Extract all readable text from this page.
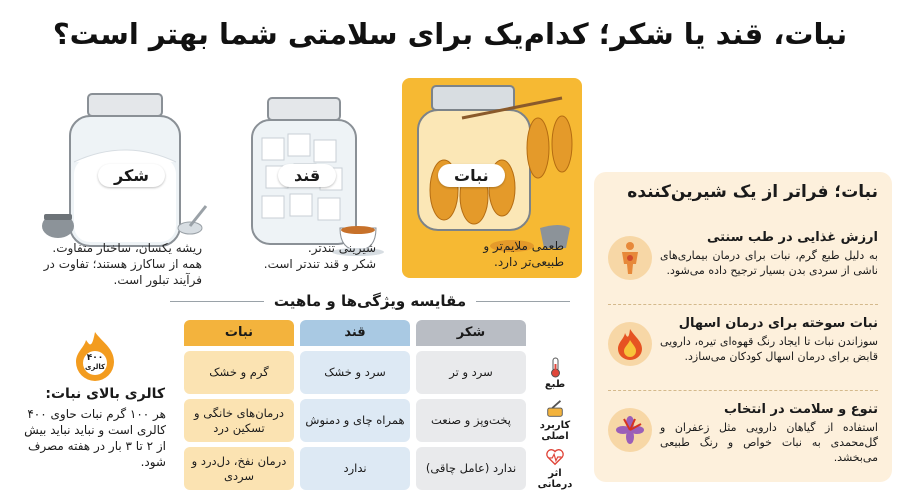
نبات، قند یا شکر؛ کدام‌یک برای سلامتی شما بهتر است؟
شکر
ریشه یکسان، ساختار متفاوت.
همه از ساکارز هستند؛ تفاوت در
فرآیند تبلور است.
قند
شیرینی تندتر.
شکر و قند تندتر است.
نبات
طعمی ملایم‌تر و
طبیعی‌تر دارد.
مقایسه ویژگی‌ها و ماهیت
شکر
قند
نبات
طبع
سرد و تر
سرد و خشک
گرم و خشک
کاربرد اصلی
پخت‌وپز و صنعت
همراه چای و دمنوش
درمان‌های خانگی و تسکین درد
اثر درمانی
ندارد (عامل چاقی)
ندارد
درمان نفخ، دل‌درد و سردی
۴۰۰
کالری
کالری بالای نبات:
هر ۱۰۰ گرم نبات حاوی ۴۰۰ کالری است و نباید نباید بیش از ۲ تا ۳ بار در هفته مصرف شود.
نبات؛ فراتر از یک شیرین‌کننده
ارزش غذایی در طب سنتی
به دلیل طبع گرم، نبات برای درمان بیماری‌های ناشی از سردی بدن بسیار ترجیح داده می‌شود.
نبات سوخته برای درمان اسهال
سوزاندن نبات تا ایجاد رنگ قهوه‌ای تیره، دارویی قابض برای درمان اسهال کودکان می‌سازد.
تنوع و سلامت در انتخاب
استفاده از گیاهان دارویی مثل زعفران و گل‌محمدی به نبات خواص و رنگ طبیعی می‌بخشد.
